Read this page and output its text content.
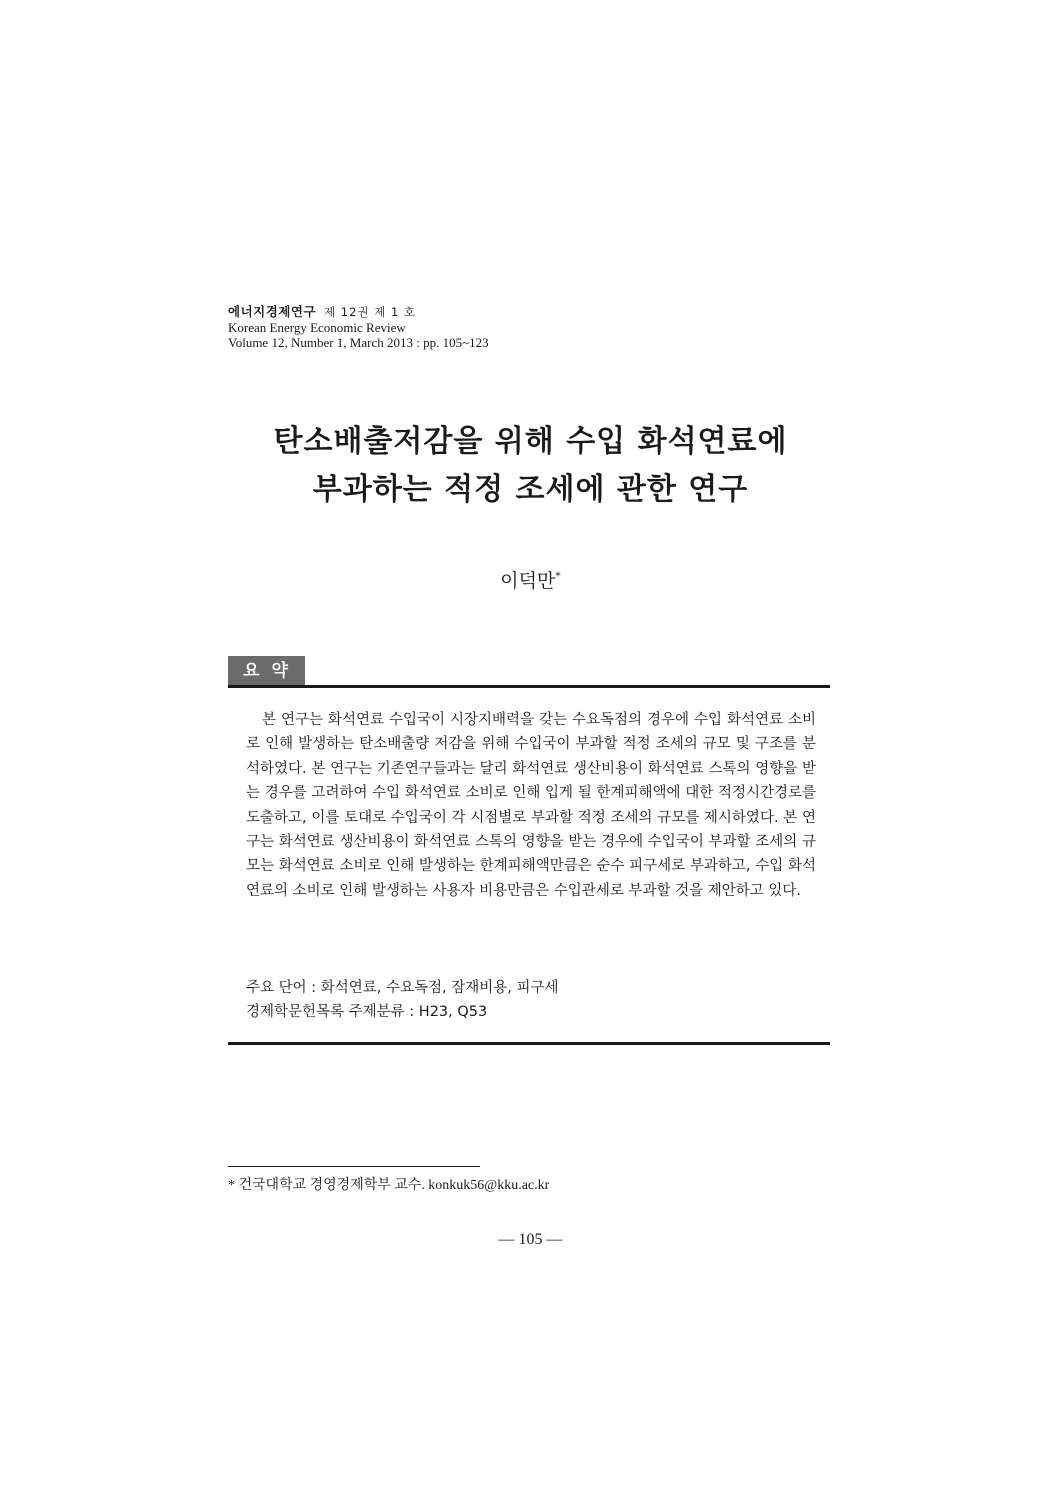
에너지경제연구 제 12권 제 1 호
Korean Energy Economic Review
Volume 12, Number 1, March 2013 : pp. 105~123
탄소배출저감을 위해 수입 화석연료에
부과하는 적정 조세에 관한 연구
이덕만*
요약
본 연구는 화석연료 수입국이 시장지배력을 갖는 수요독점의 경우에 수입 화석연료 소비로 인해 발생하는 탄소배출량 저감을 위해 수입국이 부과할 적정 조세의 규모 및 구조를 분석하였다. 본 연구는 기존연구들과는 달리 화석연료 생산비용이 화석연료 스톡의 영향을 받는 경우를 고려하여 수입 화석연료 소비로 인해 입게 될 한계피해액에 대한 적정시간경로를 도출하고, 이를 토대로 수입국이 각 시점별로 부과할 적정 조세의 규모를 제시하였다. 본 연구는 화석연료 생산비용이 화석연료 스톡의 영향을 받는 경우에 수입국이 부과할 조세의 규모는 화석연료 소비로 인해 발생하는 한계피해액만큼은 순수 피구세로 부과하고, 수입 화석연료의 소비로 인해 발생하는 사용자 비용만큼은 수입관세로 부과할 것을 제안하고 있다.
주요 단어 : 화석연료, 수요독점, 잠재비용, 피구세
경제학문헌목록 주제분류 : H23, Q53
* 건국대학교 경영경제학부 교수. konkuk56@kku.ac.kr
— 105 —
